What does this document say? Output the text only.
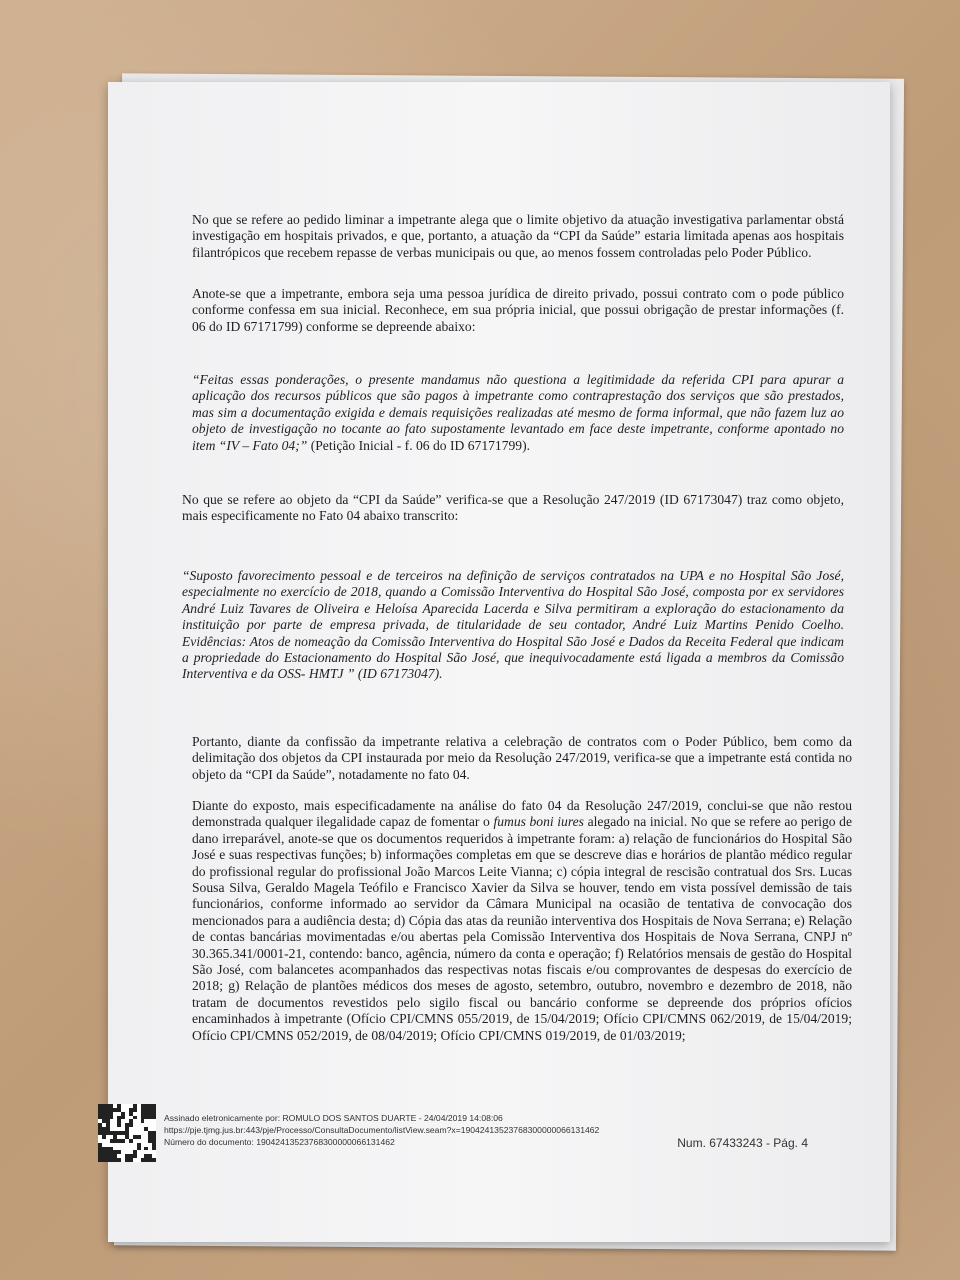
No que se refere ao pedido liminar a impetrante alega que o limite objetivo da atuação investigativa parlamentar obstá investigação em hospitais privados, e que, portanto, a atuação da “CPI da Saúde” estaria limitada apenas aos hospitais filantrópicos que recebem repasse de verbas municipais ou que, ao menos fossem controladas pelo Poder Público.

Anote-se que a impetrante, embora seja uma pessoa jurídica de direito privado, possui contrato com o pode público conforme confessa em sua inicial. Reconhece, em sua própria inicial, que possui obrigação de prestar informações (f. 06 do ID 67171799) conforme se depreende abaixo:

“Feitas essas ponderações, o presente mandamus não questiona a legitimidade da referida CPI para apurar a aplicação dos recursos públicos que são pagos à impetrante como contraprestação dos serviços que são prestados, mas sim a documentação exigida e demais requisições realizadas até mesmo de forma informal, que não fazem luz ao objeto de investigação no tocante ao fato supostamente levantado em face deste impetrante, conforme apontado no item “IV – Fato 04;” (Petição Inicial - f. 06 do ID 67171799).

No que se refere ao objeto da “CPI da Saúde” verifica-se que a Resolução 247/2019 (ID 67173047) traz como objeto, mais especificamente no Fato 04 abaixo transcrito:

“Suposto favorecimento pessoal e de terceiros na definição de serviços contratados na UPA e no Hospital São José, especialmente no exercício de 2018, quando a Comissão Interventiva do Hospital São José, composta por ex servidores André Luiz Tavares de Oliveira e Heloísa Aparecida Lacerda e Silva permitiram a exploração do estacionamento da instituição por parte de empresa privada, de titularidade de seu contador, André Luiz Martins Penido Coelho. Evidências: Atos de nomeação da Comissão Interventiva do Hospital São José e Dados da Receita Federal que indicam a propriedade do Estacionamento do Hospital São José, que inequivocadamente está ligada a membros da Comissão Interventiva e da OSS- HMTJ ” (ID 67173047).

Portanto, diante da confissão da impetrante relativa a celebração de contratos com o Poder Público, bem como da delimitação dos objetos da CPI instaurada por meio da Resolução 247/2019, verifica-se que a impetrante está contida no objeto da “CPI da Saúde”, notadamente no fato 04.

Diante do exposto, mais especificadamente na análise do fato 04 da Resolução 247/2019, conclui-se que não restou demonstrada qualquer ilegalidade capaz de fomentar o fumus boni iures alegado na inicial. No que se refere ao perigo de dano irreparável, anote-se que os documentos requeridos à impetrante foram: a) relação de funcionários do Hospital São José e suas respectivas funções; b) informações completas em que se descreve dias e horários de plantão médico regular do profissional regular do profissional João Marcos Leite Vianna; c) cópia integral de rescisão contratual dos Srs. Lucas Sousa Silva, Geraldo Magela Teófilo e Francisco Xavier da Silva se houver, tendo em vista possível demissão de tais funcionários, conforme informado ao servidor da Câmara Municipal na ocasião de tentativa de convocação dos mencionados para a audiência desta; d) Cópia das atas da reunião interventiva dos Hospitais de Nova Serrana; e) Relação de contas bancárias movimentadas e/ou abertas pela Comissão Interventiva dos Hospitais de Nova Serrana, CNPJ nº 30.365.341/0001-21, contendo: banco, agência, número da conta e operação; f) Relatórios mensais de gestão do Hospital São José, com balancetes acompanhados das respectivas notas fiscais e/ou comprovantes de despesas do exercício de 2018; g) Relação de plantões médicos dos meses de agosto, setembro, outubro, novembro e dezembro de 2018, não tratam de documentos revestidos pelo sigilo fiscal ou bancário conforme se depreende dos próprios ofícios encaminhados à impetrante (Ofício CPI/CMNS 055/2019, de 15/04/2019; Ofício CPI/CMNS 062/2019, de 15/04/2019; Ofício CPI/CMNS 052/2019, de 08/04/2019; Ofício CPI/CMNS 019/2019, de 01/03/2019;

Assinado eletronicamente por: ROMULO DOS SANTOS DUARTE - 24/04/2019 14:08:06
https://pje.tjmg.jus.br:443/pje/Processo/ConsultaDocumento/listView.seam?x=19042413523768300000066131462
Número do documento: 19042413523768300000066131462	Num. 67433243 - Pág. 4
